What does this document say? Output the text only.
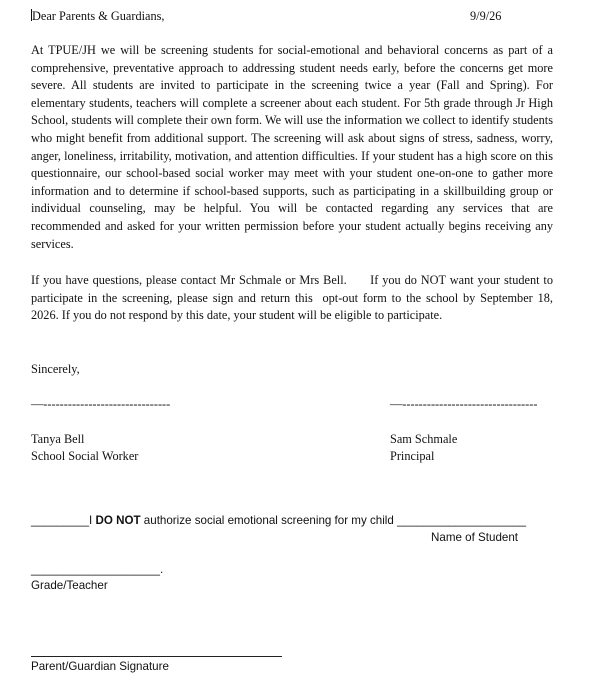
Dear Parents & Guardians,	9/9/26
At TPUE/JH we will be screening students for social-emotional and behavioral concerns as part of a comprehensive, preventative approach to addressing student needs early, before the concerns get more severe. All students are invited to participate in the screening twice a year (Fall and Spring). For elementary students, teachers will complete a screener about each student. For 5th grade through Jr High School, students will complete their own form. We will use the information we collect to identify students who might benefit from additional support. The screening will ask about signs of stress, sadness, worry, anger, loneliness, irritability, motivation, and attention difficulties. If your student has a high score on this questionnaire, our school-based social worker may meet with your student one-on-one to gather more information and to determine if school-based supports, such as participating in a skillbuilding group or individual counseling, may be helpful. You will be contacted regarding any services that are recommended and asked for your written permission before your student actually begins receiving any services.
If you have questions, please contact Mr Schmale or Mrs Bell.      If you do NOT want your student to participate in the screening, please sign and return this  opt-out form to the school by September 18, 2026. If you do not respond by this date, your student will be eligible to participate.
Sincerely,
—-------------------------------	—---------------------------------
Tanya Bell
School Social Worker
Sam Schmale
Principal
_________I DO NOT authorize social emotional screening for my child ____________________
Name of Student
____________________.
Grade/Teacher
Parent/Guardian Signature
